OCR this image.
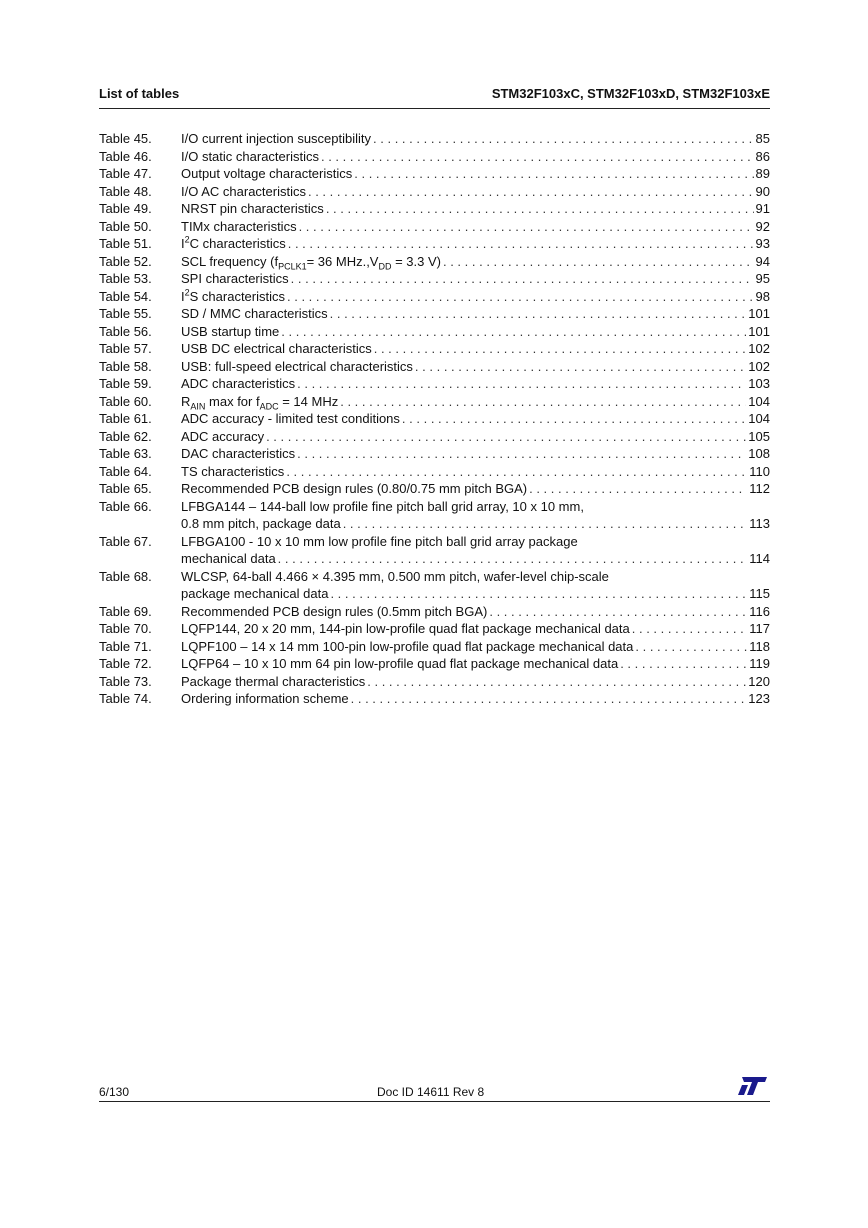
List of tables	STM32F103xC, STM32F103xD, STM32F103xE
Table 45. I/O current injection susceptibility . . .	85
Table 46. I/O static characteristics . . .	86
Table 47. Output voltage characteristics . . .	89
Table 48. I/O AC characteristics . . .	90
Table 49. NRST pin characteristics . . .	91
Table 50. TIMx characteristics . . .	92
Table 51. $I^2C$ characteristics . . .	93
Table 52. SCL frequency ($f_{PCLK1}= 36$ $MHz.,V_{DD} = 3.3$ V) . . .	94
Table 53. SPI characteristics . . .	95
Table 54. $I^2S$ characteristics . . .	98
Table 55. SD / MMC characteristics . . .	101
Table 56. USB startup time . . .	101
Table 57. USB DC electrical characteristics . . .	102
Table 58. USB: full-speed electrical characteristics . . .	102
Table 59. ADC characteristics . . .	103
Table 60. $R_{AIN}$ max for $f_{ADC} = 14$ MHz . . .	104
Table 61. ADC accuracy - limited test conditions . . .	104
Table 62. ADC accuracy . . .	105
Table 63. DAC characteristics . . .	108
Table 64. TS characteristics . . .	110
Table 65. Recommended PCB design rules (0.80/0.75 mm pitch BGA) . . .	112
Table 66. LFBGA144 – 144-ball low profile fine pitch ball grid array, 10 x 10 mm,
0.8 mm pitch, package data . . .	113
Table 67. LFBGA100 - 10 x 10 mm low profile fine pitch ball grid array package
mechanical data . . .	114
Table 68. WLCSP, 64-ball 4.466 × 4.395 mm, 0.500 mm pitch, wafer-level chip-scale
package mechanical data . . .	115
Table 69. Recommended PCB design rules (0.5mm pitch BGA) . . .	116
Table 70. LQFP144, 20 x 20 mm, 144-pin low-profile quad flat package mechanical data . . .	117
Table 71. LQPF100 – 14 x 14 mm 100-pin low-profile quad flat package mechanical data . . .	118
Table 72. LQFP64 – 10 x 10 mm 64 pin low-profile quad flat package mechanical data . . .	119
Table 73. Package thermal characteristics . . .	120
Table 74. Ordering information scheme . . .	123
6/130	Doc ID 14611 Rev 8
